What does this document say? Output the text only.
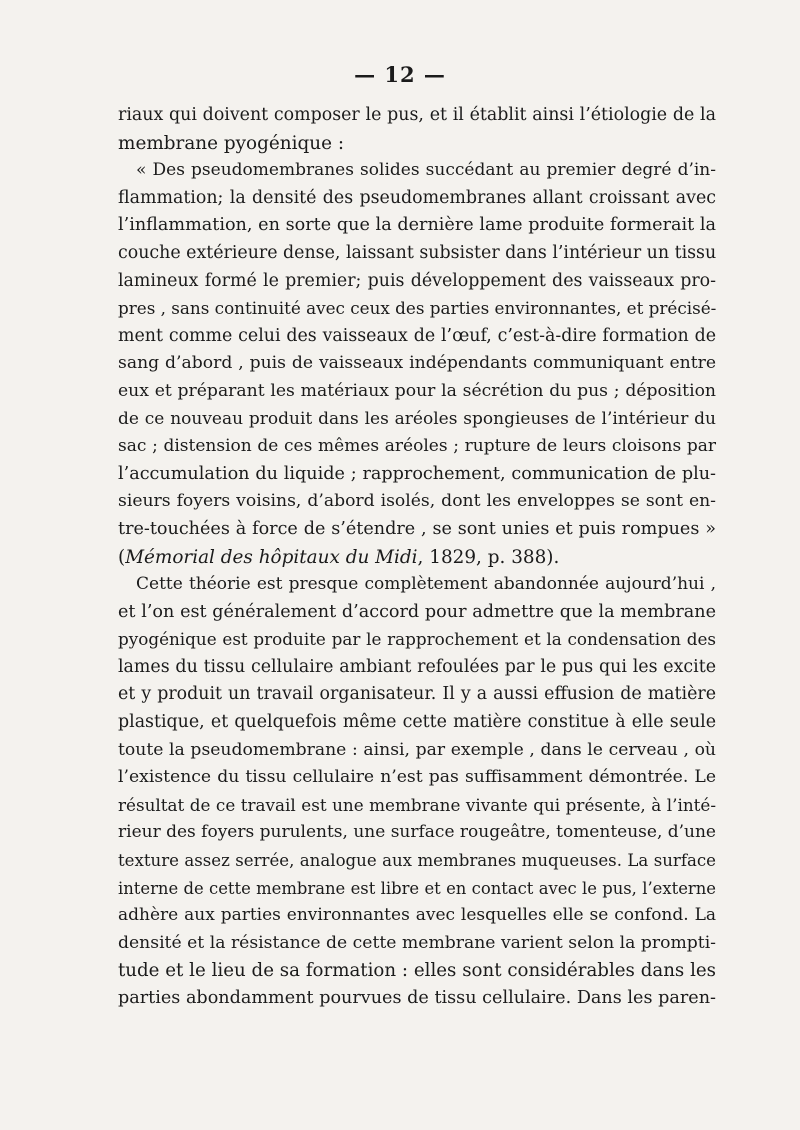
— 12 —
riaux qui doivent composer le pus, et il établit ainsi l’étiologie de la
membrane pyogénique :
« Des pseudomembranes solides succédant au premier degré d’in-
flammation; la densité des pseudomembranes allant croissant avec
l’inflammation, en sorte que la dernière lame produite formerait la
couche extérieure dense, laissant subsister dans l’intérieur un tissu
lamineux formé le premier; puis développement des vaisseaux pro-
pres , sans continuité avec ceux des parties environnantes, et précisé-
ment comme celui des vaisseaux de l’œuf, c’est-à-dire formation de
sang d’abord , puis de vaisseaux indépendants communiquant entre
eux et préparant les matériaux pour la sécrétion du pus ; déposition
de ce nouveau produit dans les aréoles spongieuses de l’intérieur du
sac ; distension de ces mêmes aréoles ; rupture de leurs cloisons par
l’accumulation du liquide ; rapprochement, communication de plu-
sieurs foyers voisins, d’abord isolés, dont les enveloppes se sont en-
tre-touchées à force de s’étendre , se sont unies et puis rompues »
(Mémorial des hôpitaux du Midi, 1829, p. 388).
Cette théorie est presque complètement abandonnée aujourd’hui ,
et l’on est généralement d’accord pour admettre que la membrane
pyogénique est produite par le rapprochement et la condensation des
lames du tissu cellulaire ambiant refoulées par le pus qui les excite
et y produit un travail organisateur. Il y a aussi effusion de matière
plastique, et quelquefois même cette matière constitue à elle seule
toute la pseudomembrane : ainsi, par exemple , dans le cerveau , où
l’existence du tissu cellulaire n’est pas suffisamment démontrée. Le
résultat de ce travail est une membrane vivante qui présente, à l’inté-
rieur des foyers purulents, une surface rougeâtre, tomenteuse, d’une
texture assez serrée, analogue aux membranes muqueuses. La surface
interne de cette membrane est libre et en contact avec le pus, l’externe
adhère aux parties environnantes avec lesquelles elle se confond. La
densité et la résistance de cette membrane varient selon la prompti-
tude et le lieu de sa formation : elles sont considérables dans les
parties abondamment pourvues de tissu cellulaire. Dans les paren-
